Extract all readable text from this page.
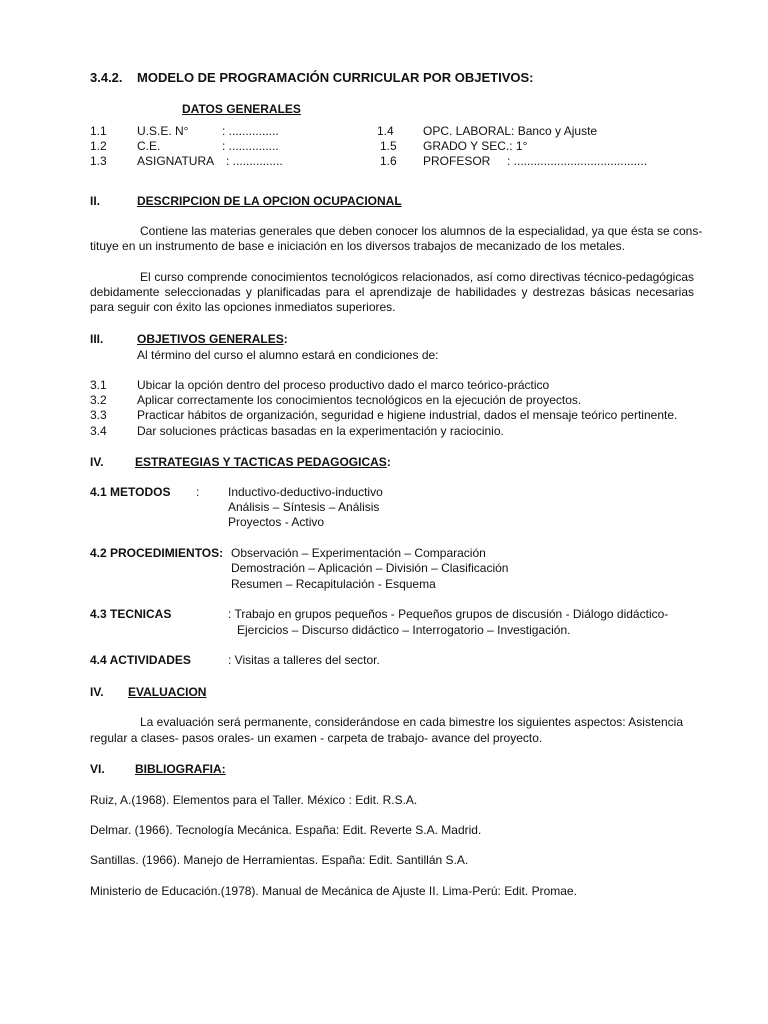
3.4.2. MODELO DE PROGRAMACIÓN CURRICULAR POR OBJETIVOS:
DATOS GENERALES
1.1	U.S.E. N°	: ...............	1.4 OPC. LABORAL: Banco y Ajuste
1.2	C.E.	: ...............	1.5 GRADO Y SEC.: 1°
1.3	ASIGNATURA : ...............	1.6 PROFESOR : ........................................
II.	DESCRIPCION DE LA OPCION OCUPACIONAL
Contiene las materias generales que deben conocer los alumnos de la especialidad, ya que ésta se cons-
tituye en un instrumento de base e iniciación en los diversos trabajos de mecanizado de los metales.
El curso comprende conocimientos tecnológicos relacionados, así como directivas técnico-pedagógicas debidamente seleccionadas y planificadas para el aprendizaje de habilidades y destrezas básicas necesarias para seguir con éxito las opciones inmediatos superiores.
III.	OBJETIVOS GENERALES:
Al término del curso el alumno estará en condiciones de:
3.1	Ubicar la opción dentro del proceso productivo dado el marco teórico-práctico
3.2	Aplicar correctamente los conocimientos tecnológicos en la ejecución de proyectos.
3.3	Practicar hábitos de organización, seguridad e higiene industrial, dados el mensaje teórico pertinente.
3.4	Dar soluciones prácticas basadas en la experimentación y raciocinio.
IV.	ESTRATEGIAS Y TACTICAS PEDAGOGICAS:
4.1 METODOS : Inductivo-deductivo-inductivo
Análisis – Síntesis – Análisis
Proyectos - Activo
4.2 PROCEDIMIENTOS: Observación – Experimentación – Comparación
Demostración – Aplicación – División – Clasificación
Resumen – Recapitulación - Esquema
4.3 TECNICAS	: Trabajo en grupos pequeños - Pequeños grupos de discusión - Diálogo didáctico-
Ejercicios – Discurso didáctico – Interrogatorio – Investigación.
4.4 ACTIVIDADES	: Visitas a talleres del sector.
IV. EVALUACION
La evaluación será permanente, considerándose en cada bimestre los siguientes aspectos: Asistencia
regular a clases- pasos orales- un examen - carpeta de trabajo- avance del proyecto.
VI.	BIBLIOGRAFIA:
Ruiz, A.(1968). Elementos para el Taller. México : Edit. R.S.A.
Delmar. (1966). Tecnología Mecánica. España: Edit. Reverte S.A. Madrid.
Santillas. (1966). Manejo de Herramientas. España: Edit. Santillán S.A.
Ministerio de Educación.(1978). Manual de Mecánica de Ajuste II. Lima-Perú: Edit. Promae.
